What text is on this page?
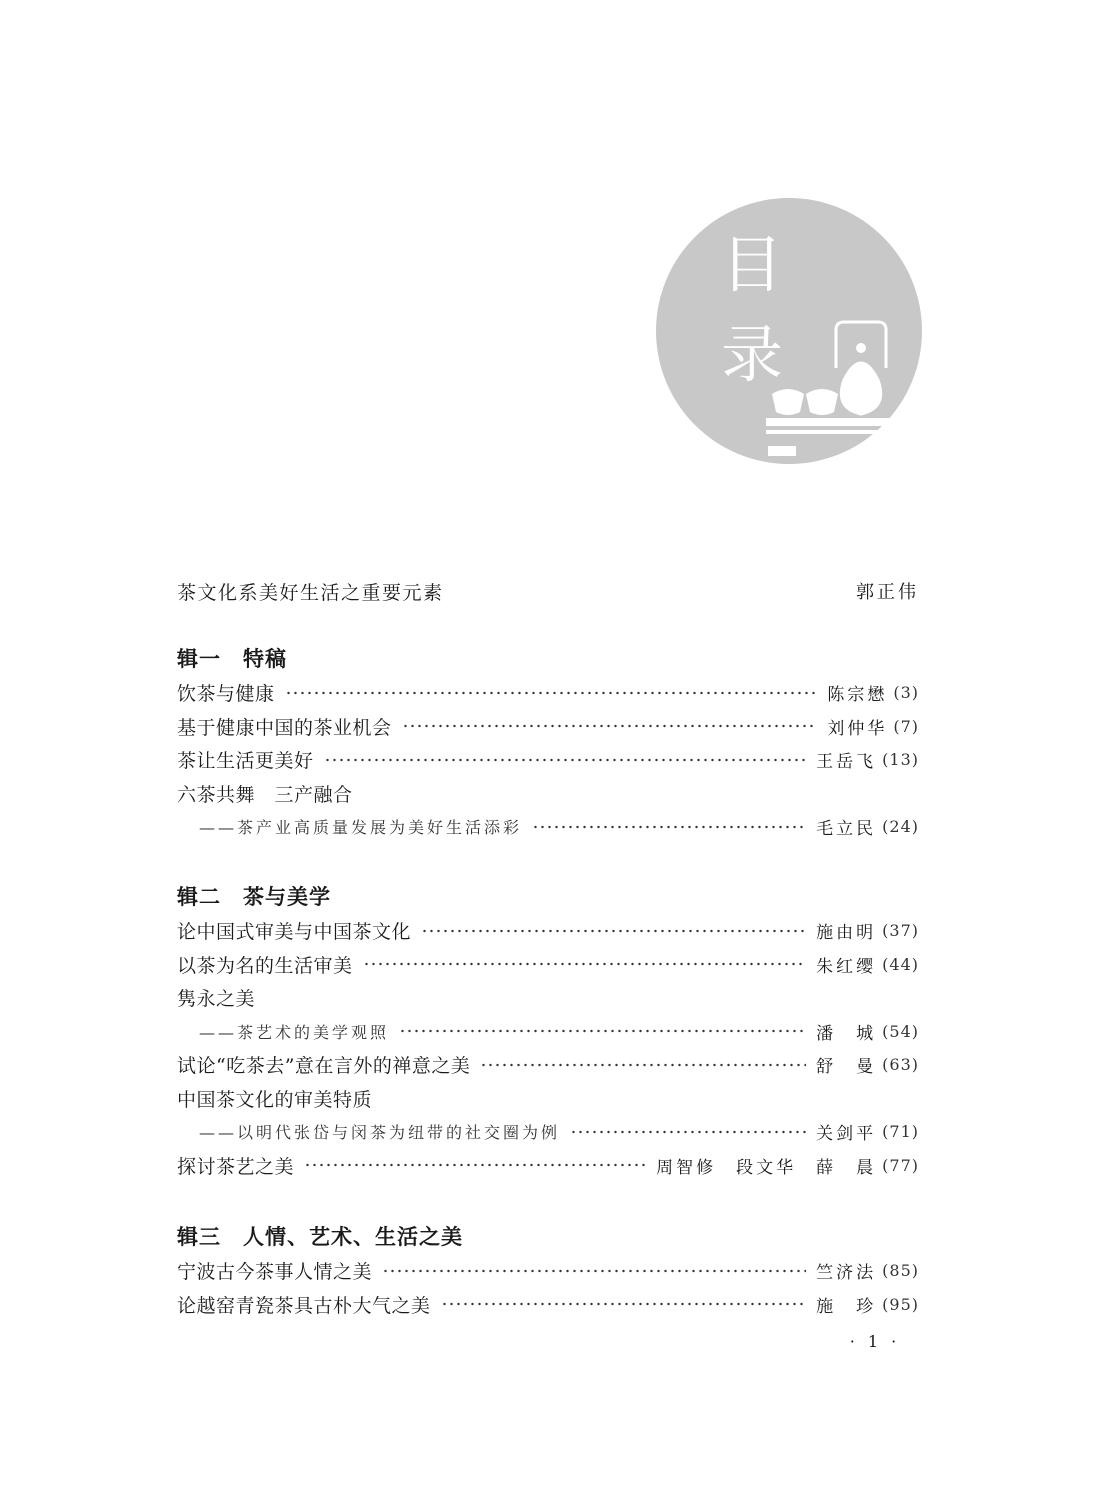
目
录
茶文化系美好生活之重要元素	郭正伟
辑一　特稿
饮茶与健康	陈宗懋 (3)
基于健康中国的茶业机会	刘仲华 (7)
茶让生活更美好	王岳飞 (13)
六茶共舞　三产融合
——茶产业高质量发展为美好生活添彩	毛立民 (24)
辑二　茶与美学
论中国式审美与中国茶文化	施由明 (37)
以茶为名的生活审美	朱红缨 (44)
隽永之美
——茶艺术的美学观照	潘　城 (54)
试论“吃茶去”意在言外的禅意之美	舒　曼 (63)
中国茶文化的审美特质
——以明代张岱与闵茶为纽带的社交圈为例	关剑平 (71)
探讨茶艺之美	周智修　段文华　薛　晨 (77)
辑三　人情、艺术、生活之美
宁波古今茶事人情之美	竺济法 (85)
论越窑青瓷茶具古朴大气之美	施　珍 (95)
· 1 ·
